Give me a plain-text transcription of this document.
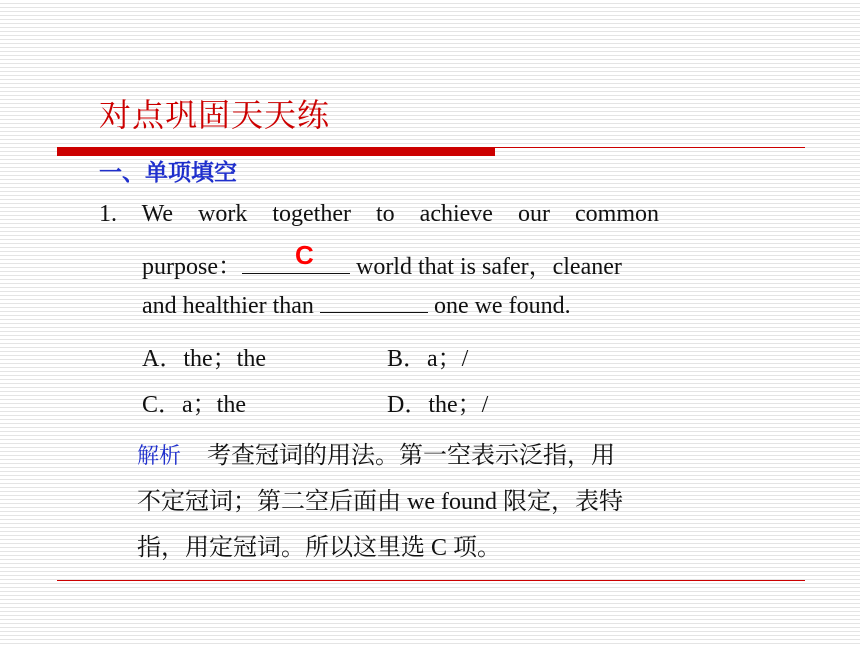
对点巩固天天练
一、单项填空
1. We work together to achieve our common
purpose：	world that is safer，cleaner
C
and healthier than	one we found.
A．the；the	B．a；/
C．a；the	D．the；/
解析 考查冠词的用法。第一空表示泛指，用
不定冠词；第二空后面由 we found 限定，表特
指，用定冠词。所以这里选 C 项。
